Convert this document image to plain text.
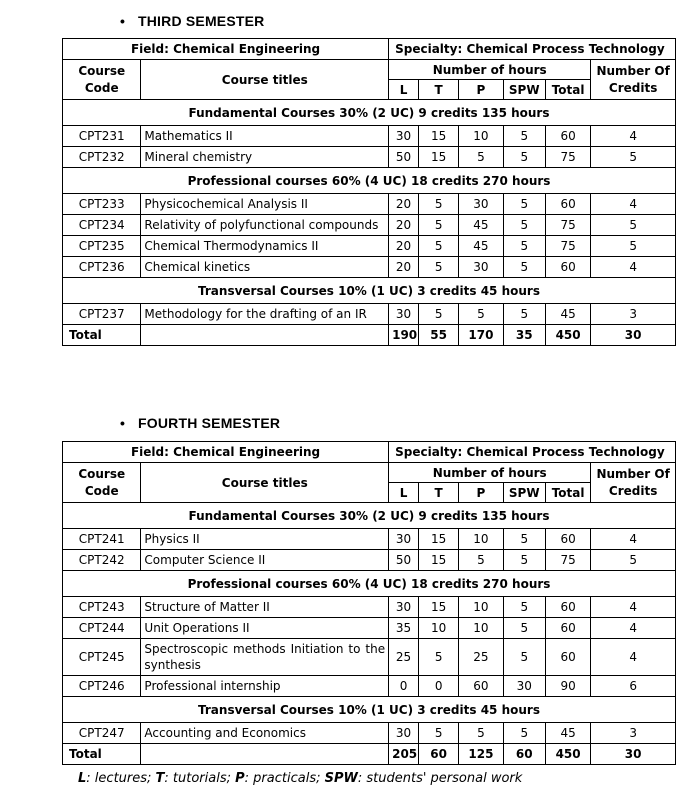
• THIRD SEMESTER
Field: Chemical Engineering		Specialty: Chemical Process Technology					
Course Code	Course titles	Number of hours					Number Of Credits
		L	T	P	SPW	Total	
Fundamental Courses 30% (2 UC) 9 credits 135 hours							
CPT231	Mathematics II	30	15	10	5	60	4
CPT232	Mineral chemistry	50	15	5	5	75	5
Professional courses 60% (4 UC) 18 credits 270 hours							
CPT233	Physicochemical Analysis II	20	5	30	5	60	4
CPT234	Relativity of polyfunctional compounds	20	5	45	5	75	5
CPT235	Chemical Thermodynamics II	20	5	45	5	75	5
CPT236	Chemical kinetics	20	5	30	5	60	4
Transversal Courses 10% (1 UC) 3 credits 45 hours							
CPT237	Methodology for the drafting of an IR	30	5	5	5	45	3
Total		190	55	170	35	450	30
• FOURTH SEMESTER
Field: Chemical Engineering		Specialty: Chemical Process Technology					
Course Code	Course titles	Number of hours					Number Of Credits
		L	T	P	SPW	Total	
Fundamental Courses 30% (2 UC) 9 credits 135 hours							
CPT241	Physics II	30	15	10	5	60	4
CPT242	Computer Science II	50	15	5	5	75	5
Professional courses 60% (4 UC) 18 credits 270 hours							
CPT243	Structure of Matter II	30	15	10	5	60	4
CPT244	Unit Operations II	35	10	10	5	60	4
CPT245	Spectroscopic methods Initiation to the synthesis	25	5	25	5	60	4
CPT246	Professional internship	0	0	60	30	90	6
Transversal Courses 10% (1 UC) 3 credits 45 hours							
CPT247	Accounting and Economics	30	5	5	5	45	3
Total		205	60	125	60	450	30
L: lectures; T: tutorials; P: practicals; SPW: students' personal work
